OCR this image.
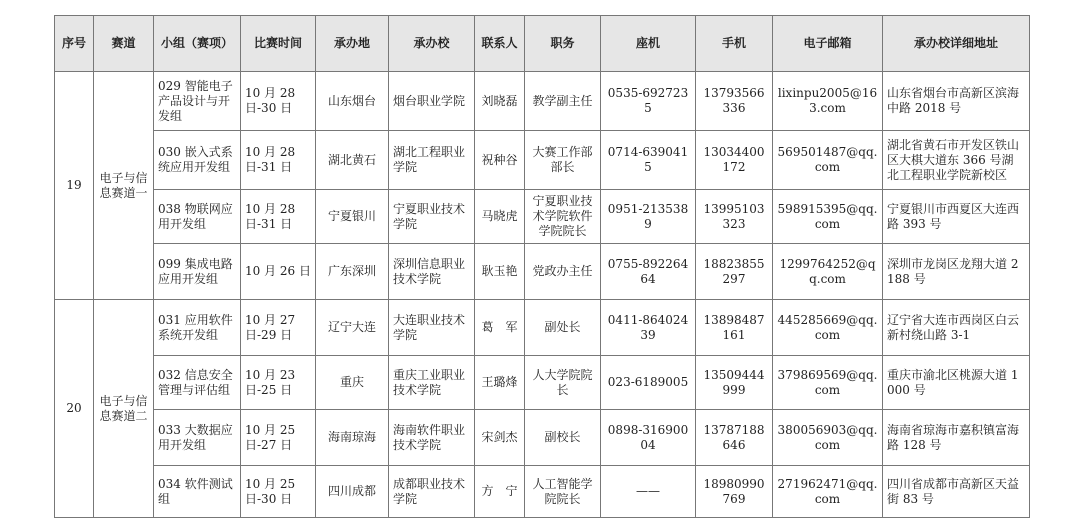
序号	赛道	小组（赛项）	比赛时间	承办地	承办校	联系人	职务	座机	手机	电子邮箱	承办校详细地址
19	电子与信息赛道一	029 智能电子产品设计与开发组	10 月 28 日-30 日	山东烟台	烟台职业学院	刘晓磊	教学副主任	0535-6927235	13793566336	lixinpu2005@163.com	山东省烟台市高新区滨海中路 2018 号
		030 嵌入式系统应用开发组	10 月 28 日-31 日	湖北黄石	湖北工程职业学院	祝种谷	大赛工作部部长	0714-6390415	13034400172	569501487@qq.com	湖北省黄石市开发区铁山区大棋大道东 366 号湖北工程职业学院新校区
		038 物联网应用开发组	10 月 28 日-31 日	宁夏银川	宁夏职业技术学院	马晓虎	宁夏职业技术学院软件学院院长	0951-2135389	13995103323	598915395@qq.com	宁夏银川市西夏区大连西路 393 号
		099 集成电路应用开发组	10 月 26 日	广东深圳	深圳信息职业技术学院	耿玉艳	党政办主任	0755-89226464	18823855297	1299764252@qq.com	深圳市龙岗区龙翔大道 2188 号
20	电子与信息赛道二	031 应用软件系统开发组	10 月 27 日-29 日	辽宁大连	大连职业技术学院	葛　军	副处长	0411-86402439	13898487161	445285669@qq.com	辽宁省大连市西岗区白云新村绕山路 3-1
		032 信息安全管理与评估组	10 月 23 日-25 日	重庆	重庆工业职业技术学院	王璐烽	人大学院院长	023-6189005	13509444999	379869569@qq.com	重庆市渝北区桃源大道 1000 号
		033 大数据应用开发组	10 月 25 日-27 日	海南琼海	海南软件职业技术学院	宋剑杰	副校长	0898-31690004	13787188646	380056903@qq.com	海南省琼海市嘉积镇富海路 128 号
		034 软件测试组	10 月 25 日-30 日	四川成都	成都职业技术学院	方　宁	人工智能学院院长	——	18980990769	271962471@qq.com	四川省成都市高新区天益街 83 号
